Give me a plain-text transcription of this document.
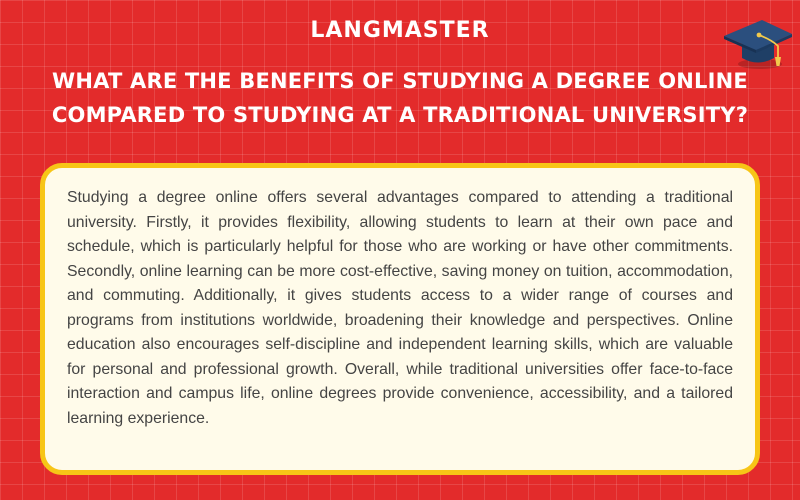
LANGMASTER
WHAT ARE THE BENEFITS OF STUDYING A DEGREE ONLINE COMPARED TO STUDYING AT A TRADITIONAL UNIVERSITY?

Studying a degree online offers several advantages compared to attending a traditional university. Firstly, it provides flexibility, allowing students to learn at their own pace and schedule, which is particularly helpful for those who are working or have other commitments. Secondly, online learning can be more cost-effective, saving money on tuition, accommodation, and commuting. Additionally, it gives students access to a wider range of courses and programs from institutions worldwide, broadening their knowledge and perspectives. Online education also encourages self-discipline and independent learning skills, which are valuable for personal and professional growth. Overall, while traditional universities offer face-to-face interaction and campus life, online degrees provide convenience, accessibility, and a tailored learning experience.
